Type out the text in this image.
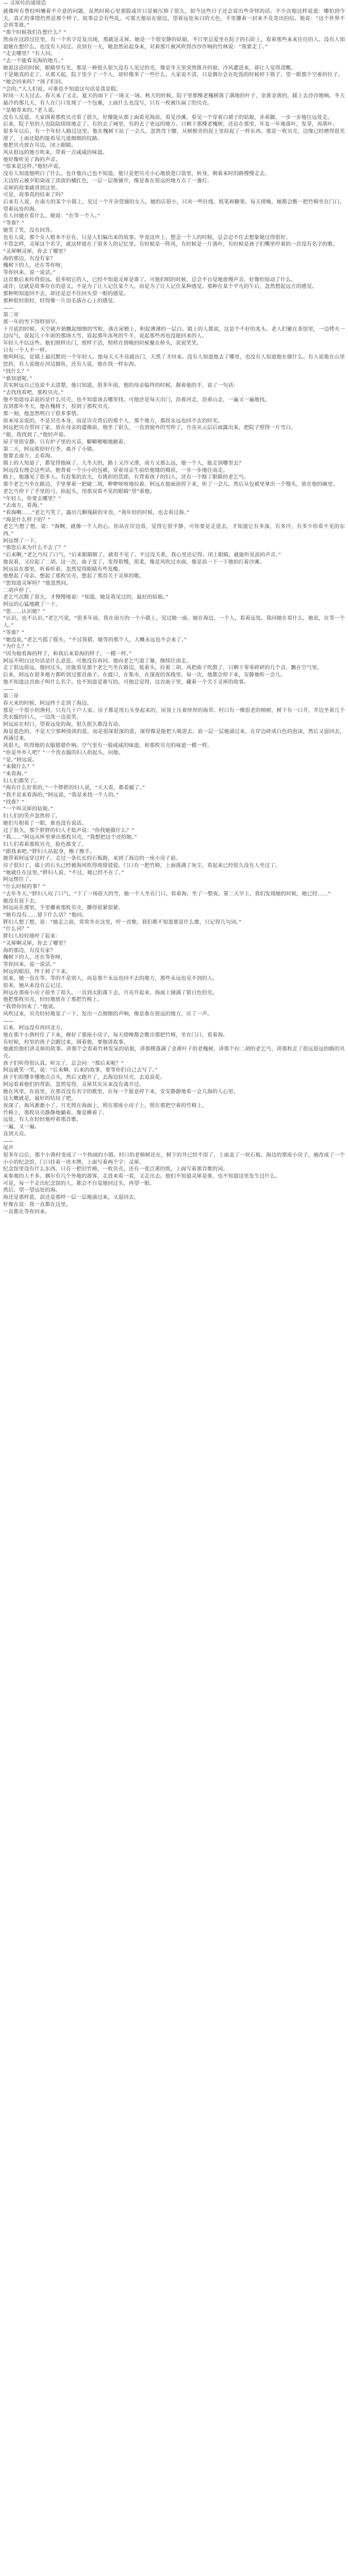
— 灵犀传的通境造

就像所有曾经叫嚷着不介意的问题，虽然时候心里那股或许只是被压抑了很久，如今这些日子还会说出些奇怪的话。不少次他这样说道：哪怕到今天，真正的事情仍然是那个样子。故事总会有些乱。可那天他站在窗边，望着远处灰白的天色，手里攥着一封来不及寄出的信。他说：“这个世界不会再等谁。”

“那个时候我们在想什么？”

然而在这段过往里，有一个名字反复出现，那就是灵犀。她是一个很安静的姑娘，平日里总爱坐在院子的石阶上，看着那些来来往往的人。没有人知道她在想什么，也没有人问过。直到有一天，她忽然站起身来，对着那片被风吹得沙沙作响的竹林说：“我要走了。”

“走去哪里？”有人问。

“去一个能看见海的地方。”

她说这话的时候，眼睛里有光。那是一种很久很久没有人见过的光，像是冬天里突然推开的窗，冷风灌进来，却让人觉得清醒。

于是她真的走了。从那天起，院子里少了一个人，却好像多了一些什么。大家说不清，只是偶尔会在吃饭的时候停下筷子，望一眼那个空着的位子。

“她会回来吗？”孩子们问。

“会的。”大人们说。可谁也不知道这句话是真是假。

时间一天天过去。春天来了又走，夏天的雨下了一场又一场。秋天的时候，院子里那棵老槐树落了满地的叶子，金黄金黄的，踩上去沙沙地响。冬天最冷的那几天，有人在门口发现了一个包裹，上面什么也没写，只有一枚被压扁了的贝壳。

“是她寄来的。”老人说。

没有人反驳。大家围着那枚贝壳看了很久，好像能从那上面看见海浪，看见沙滩，看见一个穿着白裙子的姑娘，赤着脚，一步一步地往远处走。

后来，院子里的人也陆陆续续地走了。有的去了城里，有的去了更远的地方。只剩下那棵老槐树，还站在那里，年复一年地落叶，发芽，再落叶。

很多年以后，有一个年轻人路过这里。他在槐树下站了一会儿，忽然弯下腰，从树根旁的泥土里捡起了一样东西。那是一枚贝壳，边缘已经磨得很光滑了，上面还隐约能看见几道细细的纹路。

他把贝壳放在耳边，闭上眼睛。

风从很远的地方吹来，带着一点咸咸的味道。

他好像听见了海的声音。

“原来是这样。”他轻声说。

没有人知道他明白了什么。也许他自己也不知道。他只是把贝壳小心地放进口袋里，转身，朝着来时的路慢慢走去。

天边的云被夕阳染成了淡淡的橘红色，一层一层地铺开，像是谁在很远的地方点了一盏灯。

灵犀的故事就讲到这里。

可是，故事真的结束了吗？

后来有人说，在南方的某个小镇上，见过一个开杂货铺的女人。她的店很小，只卖一些针线、纸笔和糖果。每天傍晚，她都会搬一把竹椅坐在门口，望着远处的海。

有人问她在看什么，她说：“在等一个人。”

“等谁？”

她笑了笑，没有回答。

也有人说，那个女人根本不存在，只是人们编出来的故事。毕竟这世上，想念一个人的时候，总会忍不住去想象她过得很好。

不管怎样，灵犀这个名字，就这样留在了很多人的记忆里。有时候是一阵风，有时候是一片落叶，有时候是孩子们嘴里哼着的一首没有名字的歌。

“灵犀啊灵犀，你去了哪里？

海的那边，有没有家？

槐树下的人，还在等你呀，

等你回来，说一说话。”

这首歌后来传得很远。很多唱它的人，已经不知道灵犀是谁了。可他们唱的时候，总会不自觉地放慢声音，好像怕惊动了什么。

或许，这就是故事存在的意义。不是为了让人记住某个人，而是为了让人记住某种感觉。那种在某个平凡的午后，忽然想起远方的感觉。

那种明知道回不去，却还是忍不住回头望一眼的感觉。

那种很轻很轻，轻得像一片羽毛落在心上的感觉。

——

第二章

那一年的雪下得特别早。

十月底的时候，天空就开始飘起细细的雪粒，落在屋檐上，积起薄薄的一层白。镇上的人都说，这是个不好的兆头。老人们聚在茶馆里，一边烤火一边叹气，说起几十年前的那场大雪，说起那年冻死的牛羊，说起那些再也没能回来的人。

年轻人不信这些。他们照样出门，照样干活，照样在傍晚的时候聚在桥头，说说笑笑。

只有一个人不一样。

他叫阿远，是镇上最沉默的一个年轻人。他每天天不亮就出门，天黑了才回来。没有人知道他去了哪里，也没有人知道他在做什么。有人说他在山里挖药，有人说他在河边捕鱼，还有人说，他在找一样东西。

“找什么？”

“谁知道呢。”

其实阿远自己也说不太清楚。他只知道，很多年前，他的母亲临终的时候，握着他的手，说了一句话：

“去找找看吧，那枚贝壳。”

他不知道母亲说的是什么贝壳，也不知道该去哪里找。可他还是每天出门，沿着河走，沿着山走，一遍又一遍地找。

直到那年冬天，他在槐树下，捡到了那枚贝壳。

那一刻，他忽然明白了很多事情。

原来母亲说的，不是贝壳本身。而是贝壳背后的那个人，那个地方，那段永远也回不去的时光。

阿远把贝壳带回了家，放在母亲的遗像前。他坐了很久，一直到窗外的雪停了，月亮从云层后面露出来，把院子照得一片雪白。

“娘，我找到了。”他轻声说。

屋子里很安静。只有炉子里的火苗，噼噼啪啪地跳着。

第二天，阿远收拾好行李，离开了小镇。

他要去南方，去看海。

镇上的人知道了，都觉得他疯了。大冬天的，路上又冷又滑，南方又那么远，他一个人，能走到哪里去？

阿远没有理会这些话。他背着一个小小的包袱，穿着母亲生前给他缝的棉袄，一步一步地往南走。

路上，他遇见了很多人。有赶集的农夫，有挑担的货郎，有背着孩子的妇人，还有一个瞎了眼睛的老乞丐。

那个老乞丐坐在路边，手里拿着一把破二胡，咿咿呀呀地拉着。阿远在他面前停下来，听了一会儿，然后从包袱里拿出一个馒头，放在他的碗里。

老乞丐停下了手里的弓，抬起头，用那双看不见的眼睛“望”着他。

“年轻人，你要去哪里？”

“去南方，看海。”

“看海啊……”老乞丐笑了，露出几颗残缺的牙齿，“我年轻的时候，也去看过海。”

“海是什么样子的？”

老乞丐想了想，说：“海啊，就像一个人的心。你站在岸边看，觉得它很平静，可你要是走进去，才知道它有多深，有多冷，有多少你看不见的东西。”

阿远愣了一下。

“那您后来为什么不去了？”

“后来啊，”老乞丐叹了口气，“后来眼睛瞎了，就看不见了。不过没关系，我心里还记得。闭上眼睛，就能听见浪的声音。”

他说着，又拉起了二胡。这一次，曲子变了，变得很慢，很柔，像是风吹过水面，像是浪一下一下地拍打着沙滩。

阿远站在那里，听着听着，忽然觉得眼睛有些发酸。

他想起了母亲。想起了那枚贝壳。想起了那首关于灵犀的歌。

“您知道灵犀吗？”他忽然问。

二胡声停了。

老乞丐沉默了很久，才慢慢地说：“知道。她是我见过的，最好的姑娘。”

阿远的心猛地跳了一下。

“您……认识她？”

“认识，也不认识。”老乞丐说，“很多年前，我在南方的一个小镇上，见过她一面。她在海边，一个人，看着远处。我问她在看什么，她说，在等一个人。”

“等谁？”

“她没说。”老乞丐摇了摇头，“不过我猜，她等的那个人，大概永远也不会来了。”

“为什么？”

“因为她看海的样子，和我后来看海的样子，一模一样。”

阿远不明白这句话是什么意思。可他没有再问。他向老乞丐道了谢，继续往南走。

走了很远很远，他回过头，还能看见那个老乞丐坐在路边，低着头，拉着二胡。风把曲子吹散了，只剩下零零碎碎的几个音，飘在空气里。

后来，阿远在很多地方都听到过那首曲子。在渡口，在集市，在深夜的客栈里。每一次，他都会停下来，安静地听一会儿。

他不知道这首曲子叫什么名字。也不知道是谁写的。可他总觉得，这首曲子里，藏着一个关于灵犀的故事。

——

第三章

春天来的时候，阿远终于走到了海边。

那是一个很小的渔村，只有几十户人家。房子都是用石头垒起来的，屋顶上压着厚厚的海草。村口有一棵很老的榕树，树下有一口井，井边坐着几个洗衣服的妇人，一边洗一边说笑。

阿远站在村口，望着远处的海，很久很久都没有动。

海是蓝色的。不是天空那种淡淡的蓝，而是很深很深的蓝，深得像是能把人吸进去。浪一层一层地涌过来，在岸边碎成白色的泡沫，然后又退回去，再涌过来。

风很大，吹得他的衣服猎猎作响。空气里有一股咸咸的味道，和那枚贝壳的味道一模一样。

“你是外乡人吧？”一个洗衣服的妇人抬起头，问他。

“是。”阿远说。

“来做什么？”

“来看海。”

妇人们都笑了。

“海有什么好看的，”一个胖胖的妇人说，“天天看，都看腻了。”

“我不是来看海的，”阿远说，“我是来找一个人的。”

“找谁？”

“一个叫灵犀的姑娘。”

妇人们的笑声忽然停了。

她们互相看了一眼，谁也没有说话。

过了很久，那个胖胖的妇人才低声说：“你找她做什么？”

“我……”阿远从怀里拿出那枚贝壳，“我想把这个还给她。”

妇人们看着那枚贝壳，脸色都变了。

“跟我来吧。”胖妇人站起身，擦了擦手。

她带着阿远穿过村子，走过一条长长的石板路，来到了海边的一座小房子前。

房子很旧了，墙上的石头已经被海风吹得斑斑驳驳。门口有一把竹椅，上面落满了灰尘，看起来已经很久没有人坐过了。

“她就住在这里。”胖妇人说，“不过，她已经不在了。”

阿远愣住了。

“什么时候的事？”

“去年冬天。”胖妇人叹了口气，“下了一场很大的雪，她一个人坐在门口，看着海，坐了一整夜。第二天早上，我们发现她的时候，她已经……”

她没有说下去。

阿远站在那里，手里攥着那枚贝壳，攥得很紧很紧。

“她有没有……留下什么话？”他问。

胖妇人想了想，说：“她走之前，常常坐在这里，哼一首歌。我们都不知道那是什么歌，只记得几句词。”

“什么词？”

胖妇人轻轻地哼了起来：

“灵犀啊灵犀，你去了哪里？

海的那边，有没有家？

槐树下的人，还在等你呀，

等你回来，说一说话。”

阿远的眼泪，终于掉了下来。

原来，她一直在等。等的不是别人，而是那个永远也回不去的地方，那些永远也见不到的人。

原来，她从来没有忘记过。

阿远在那座小房子前坐了很久。一直到太阳落下去，月亮升起来，海面上铺满了银白色的光。

他把那枚贝壳，轻轻地放在了那把竹椅上。

“我替你回来了。”他说。

风吹过来，贝壳轻轻地晃了一下，发出一点细细的声响，像是谁在很远的地方，应了一声。

——

后来，阿远没有再回北方。

他在那个小渔村住了下来，修好了那座小房子，每天傍晚都会搬出那把竹椅，坐在门口，看着海。

有时候，村里的孩子会跑过来，围着他，要他讲故事。

他就给他们讲灵犀的故事。讲那个会看着竹林发呆的姑娘，讲那棵落满了金黄叶子的老槐树，讲那个拉二胡的老乞丐，讲那枚走了很远很远的路的贝壳。

孩子们听得很认真。听完了，总会问：“那后来呢？”

阿远就笑一笑，说：“后来啊，后来的故事，要等你们自己去写了。”

孩子们似懂非懂地点点头，然后又跑开了，去海边捡贝壳，去追浪花。

阿远看着他们的背影，忽然觉得，灵犀其实从来没有离开过。

她在风里，在浪里，在那首没有名字的歌里，在每一个愿意停下来，安安静静地看一会儿海的人心里。

这大概就是，最好的结局了吧。

夜深了，海风渐渐小了。月光照在海面上，照在那座小房子上，照在那把空着的竹椅上。

竹椅上，那枚贝壳静静地躺着，像是睡着了。

远处，有人在轻轻地哼着那首歌。

一遍，又一遍。

直到天亮。

——

尾声

很多年以后，那个小渔村变成了一个热闹的小镇。村口的老榕树还在，树下的井已经不用了，上面盖了一块石板。海边的那座小房子，被改成了一个小小的纪念馆，门口挂着一块木牌，上面写着两个字：灵犀。

纪念馆里没有什么东西。只有一把旧竹椅，一枚贝壳，还有一张泛黄的纸，上面写着那首歌的词。

来参观的人不多。偶尔有几个外地的游客，走进来看一看，又走出去。他们不知道灵犀是谁，也不知道这里发生过什么。

可是，每一个走出纪念馆的人，都会不自觉地回过头，再望一眼。

然后，望一望远处的海。

海还是那样蓝，浪还是那样一层一层地涌过来，又退回去。

好像在说：我一直都在这里。

一直都在等你回来。
